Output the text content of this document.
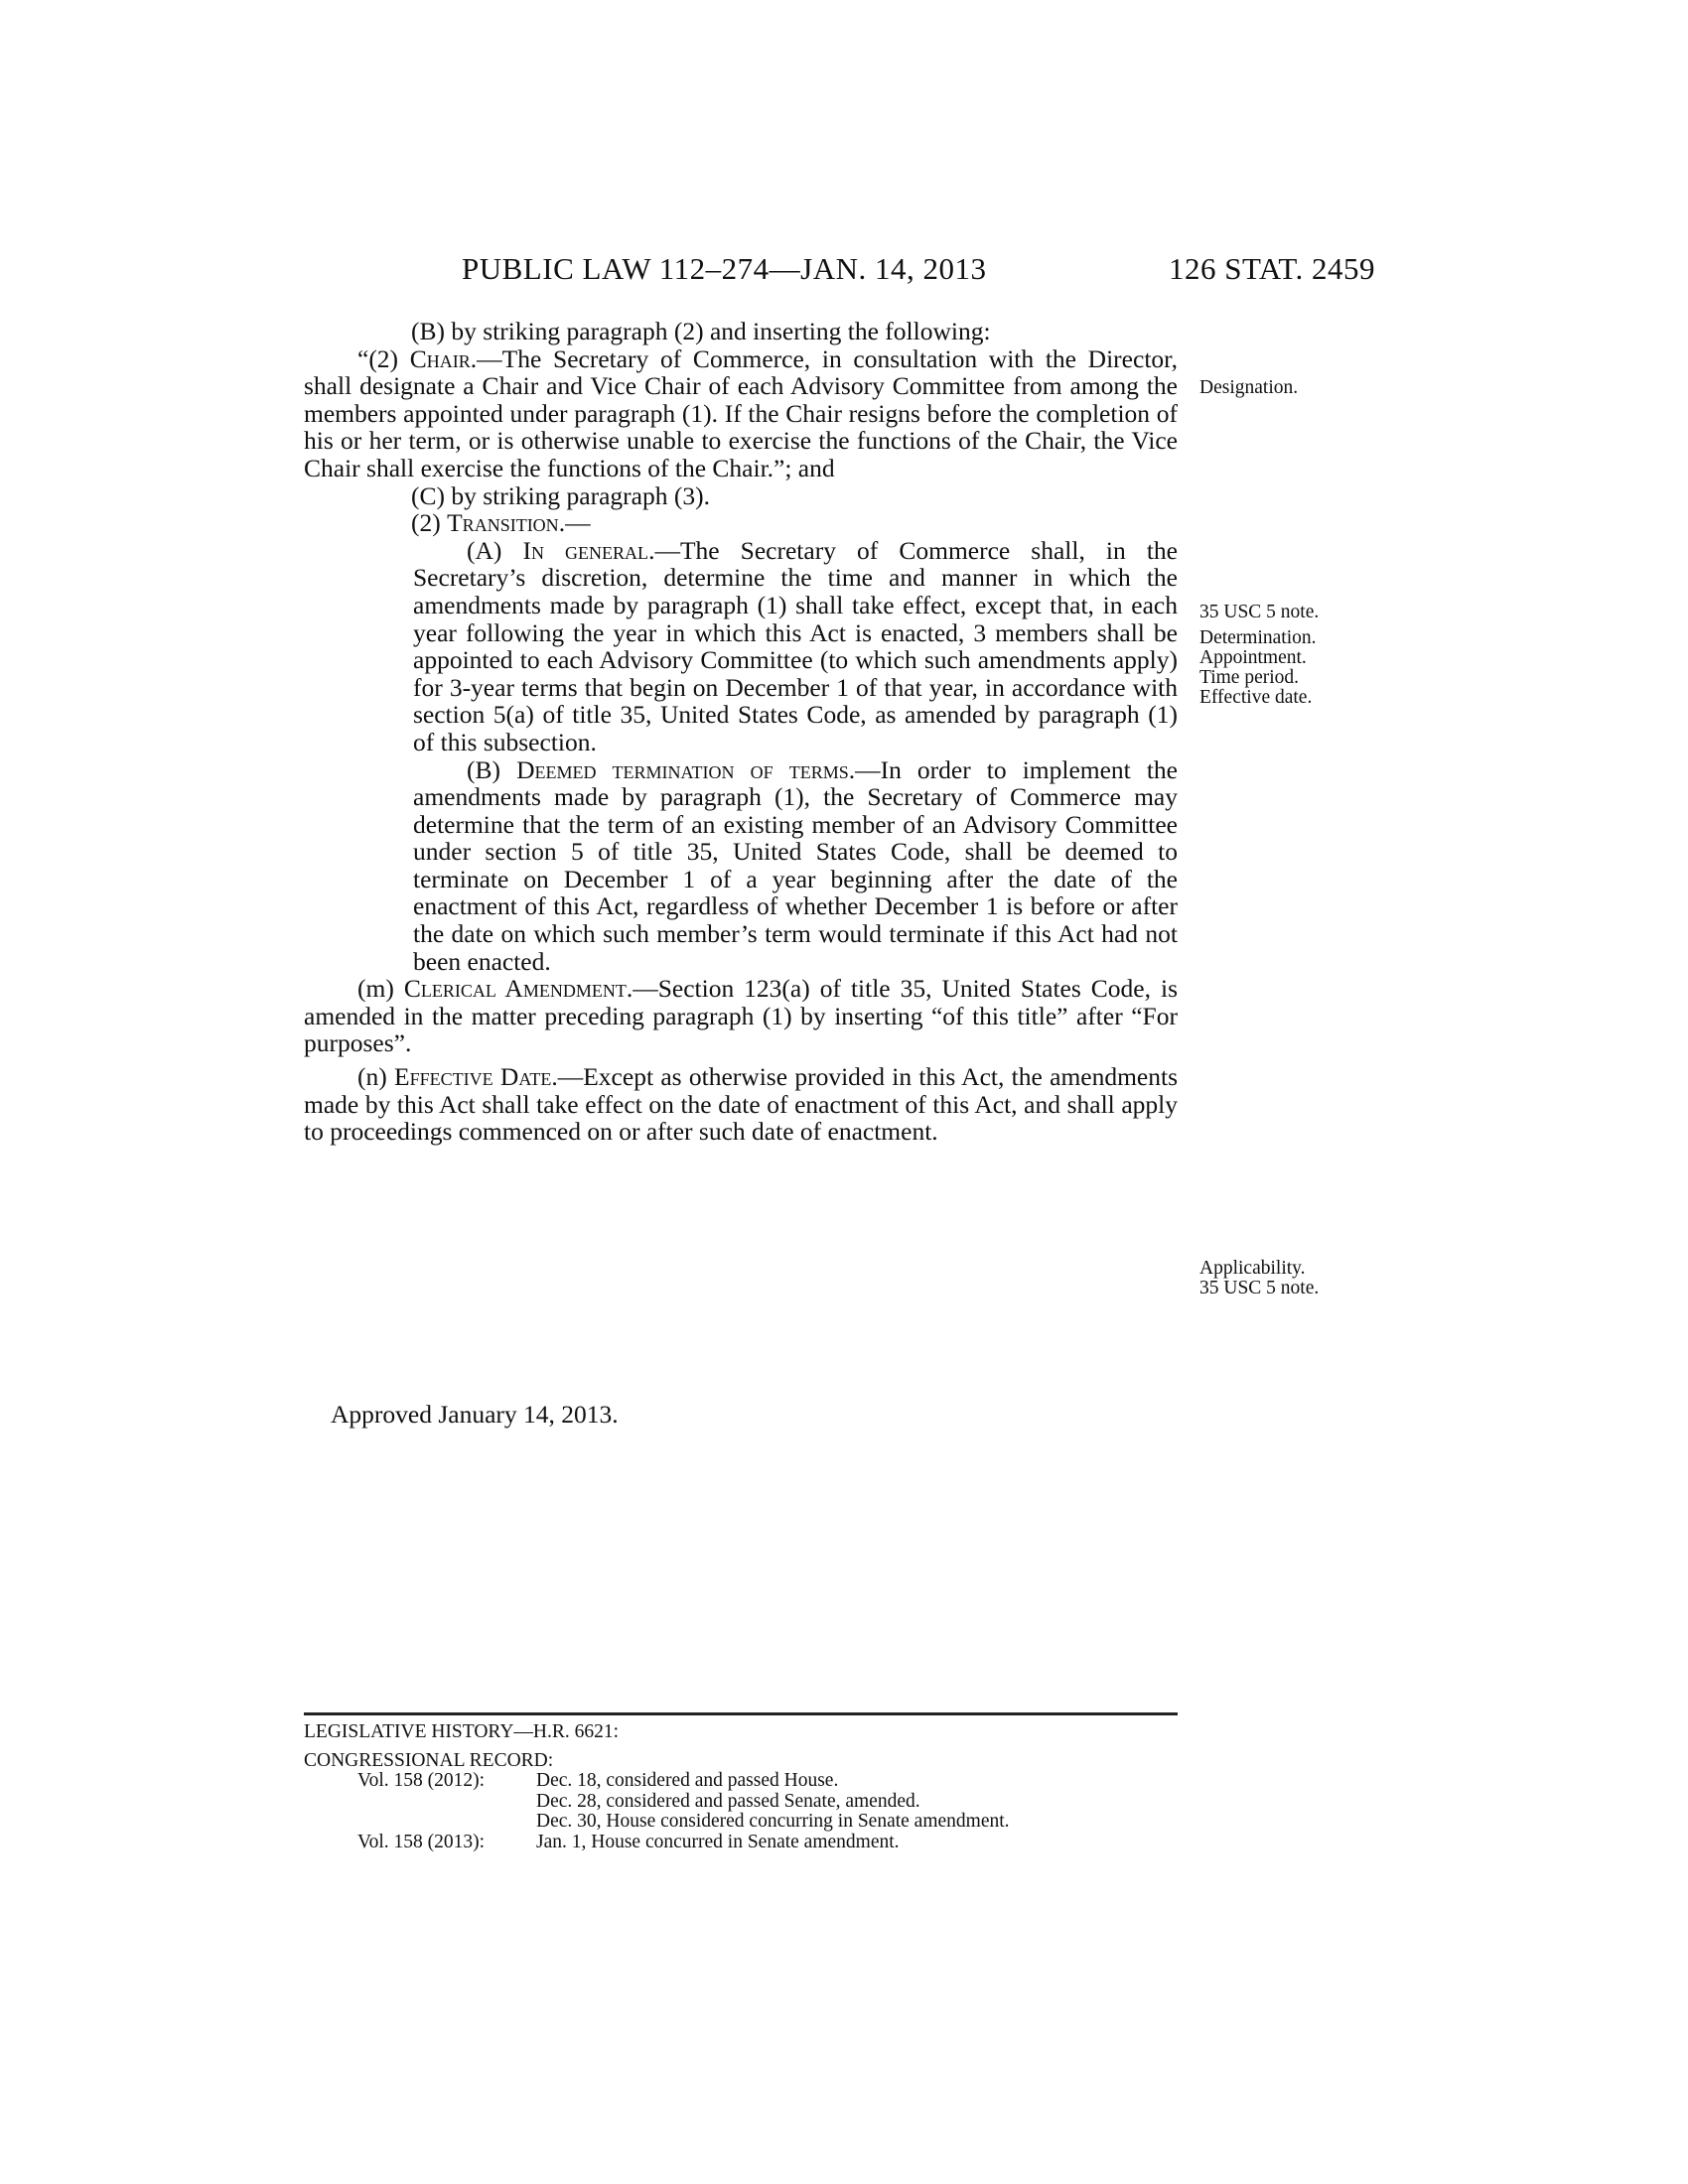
PUBLIC LAW 112–274—JAN. 14, 2013	126 STAT. 2459

(B) by striking paragraph (2) and inserting the following:

“(2) Chair.—The Secretary of Commerce, in consultation with the Director, shall designate a Chair and Vice Chair of each Advisory Committee from among the members appointed under paragraph (1). If the Chair resigns before the completion of his or her term, or is otherwise unable to exercise the functions of the Chair, the Vice Chair shall exercise the functions of the Chair.”; and

(C) by striking paragraph (3).

(2) Transition.—

(A) In general.—The Secretary of Commerce shall, in the Secretary’s discretion, determine the time and manner in which the amendments made by paragraph (1) shall take effect, except that, in each year following the year in which this Act is enacted, 3 members shall be appointed to each Advisory Committee (to which such amendments apply) for 3-year terms that begin on December 1 of that year, in accordance with section 5(a) of title 35, United States Code, as amended by paragraph (1) of this subsection.

(B) Deemed termination of terms.—In order to implement the amendments made by paragraph (1), the Secretary of Commerce may determine that the term of an existing member of an Advisory Committee under section 5 of title 35, United States Code, shall be deemed to terminate on December 1 of a year beginning after the date of the enactment of this Act, regardless of whether December 1 is before or after the date on which such member’s term would terminate if this Act had not been enacted.

(m) Clerical Amendment.—Section 123(a) of title 35, United States Code, is amended in the matter preceding paragraph (1) by inserting “of this title” after “For purposes”.

(n) Effective Date.—Except as otherwise provided in this Act, the amendments made by this Act shall take effect on the date of enactment of this Act, and shall apply to proceedings commenced on or after such date of enactment.

Approved January 14, 2013.
Designation.
35 USC 5 note.
Determination.
Appointment.
Time period.
Effective date.
Applicability.
35 USC 5 note.
LEGISLATIVE HISTORY—H.R. 6621:
CONGRESSIONAL RECORD:
Vol. 158 (2012):	Dec. 18, considered and passed House.
Dec. 28, considered and passed Senate, amended.
Dec. 30, House considered concurring in Senate amendment.
Vol. 158 (2013):	Jan. 1, House concurred in Senate amendment.
